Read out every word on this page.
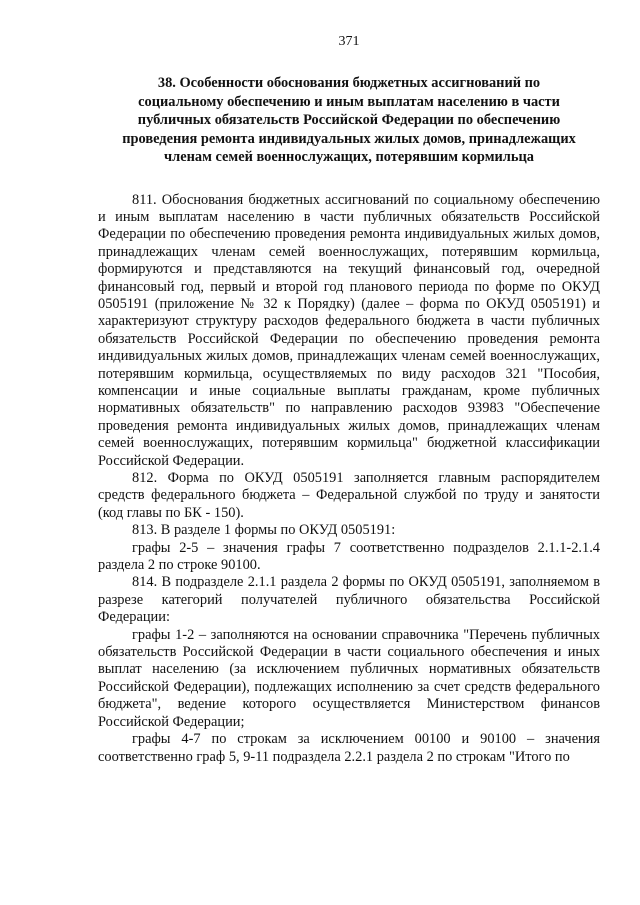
371
38. Особенности обоснования бюджетных ассигнований по
социальному обеспечению и иным выплатам населению в части
публичных обязательств Российской Федерации по обеспечению
проведения ремонта индивидуальных жилых домов, принадлежащих
членам семей военнослужащих, потерявшим кормильца

811. Обоснования бюджетных ассигнований по социальному обеспечению и иным выплатам населению в части публичных обязательств Российской Федерации по обеспечению проведения ремонта индивидуальных жилых домов, принадлежащих членам семей военнослужащих, потерявшим кормильца, формируются и представляются на текущий финансовый год, очередной финансовый год, первый и второй год планового периода по форме по ОКУД 0505191 (приложение № 32 к Порядку) (далее – форма по ОКУД 0505191) и характеризуют структуру расходов федерального бюджета в части публичных обязательств Российской Федерации по обеспечению проведения ремонта индивидуальных жилых домов, принадлежащих членам семей военнослужащих, потерявшим кормильца, осуществляемых по виду расходов 321 "Пособия, компенсации и иные социальные выплаты гражданам, кроме публичных нормативных обязательств" по направлению расходов 93983 "Обеспечение проведения ремонта индивидуальных жилых домов, принадлежащих членам семей военнослужащих, потерявшим кормильца" бюджетной классификации Российской Федерации.

812. Форма по ОКУД 0505191 заполняется главным распорядителем средств федерального бюджета – Федеральной службой по труду и занятости (код главы по БК - 150).

813. В разделе 1 формы по ОКУД 0505191:

графы 2-5 – значения графы 7 соответственно подразделов 2.1.1-2.1.4 раздела 2 по строке 90100.

814. В подразделе 2.1.1 раздела 2 формы по ОКУД 0505191, заполняемом в разрезе категорий получателей публичного обязательства Российской Федерации:

графы 1-2 – заполняются на основании справочника "Перечень публичных обязательств Российской Федерации в части социального обеспечения и иных выплат населению (за исключением публичных нормативных обязательств Российской Федерации), подлежащих исполнению за счет средств федерального бюджета", ведение которого осуществляется Министерством финансов Российской Федерации;

графы 4-7 по строкам за исключением 00100 и 90100 – значения соответственно граф 5, 9-11 подраздела 2.2.1 раздела 2 по строкам "Итого по
